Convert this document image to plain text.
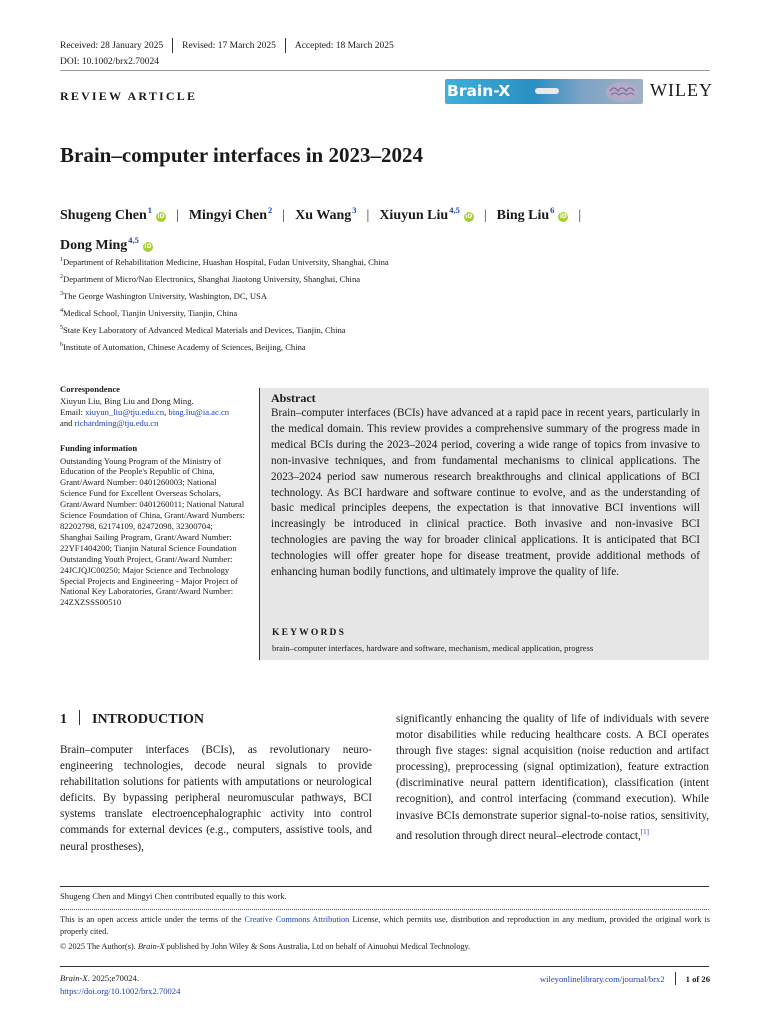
Received: 28 January 2025 Revised: 17 March 2025 Accepted: 18 March 2025
DOI: 10.1002/brx2.70024
REVIEW ARTICLE	Brain-X	WILEY
Brain–computer interfaces in 2023–2024
Shugeng Chen$^1$iD | Mingyi Chen$^2$ | Xu Wang$^3$ | Xiuyun Liu$^{4,5}$iD | Bing Liu$^6$iD |
Dong Ming$^{4,5}$iD
$^1$Department of Rehabilitation Medicine, Huashan Hospital, Fudan University, Shanghai, China
$^2$Department of Micro/Nao Electronics, Shanghai Jiaotong University, Shanghai, China
$^3$The George Washington University, Washington, DC, USA
$^4$Medical School, Tianjin University, Tianjin, China
$^5$State Key Laboratory of Advanced Medical Materials and Devices, Tianjin, China
$^6$Institute of Automation, Chinese Academy of Sciences, Beijing, China
Correspondence
Xiuyun Liu, Bing Liu and Dong Ming.
Email: xiuyun_liu@tju.edu.cn, bing.liu@ia.ac.cn
and richardming@tju.edu.cn
Funding information
Outstanding Young Program of the Ministry of Education of the People's Republic of China, Grant/Award Number: 0401260003; National Science Fund for Excellent Overseas Scholars, Grant/Award Number: 0401260011; National Natural Science Foundation of China, Grant/Award Numbers: 82202798, 62174109, 82472098, 32300704; Shanghai Sailing Program, Grant/Award Number: 22YF1404200; Tianjin Natural Science Foundation Outstanding Youth Project, Grant/Award Number: 24JCJQJC00250; Major Science and Technology Special Projects and Engineering - Major Project of National Key Laboratories, Grant/Award Number: 24ZXZSSS00510
Abstract
Brain–computer interfaces (BCIs) have advanced at a rapid pace in recent years, particularly in the medical domain. This review provides a comprehensive summary of the progress made in medical BCIs during the 2023–2024 period, covering a wide range of topics from invasive to non-invasive techniques, and from fundamental mechanisms to clinical applications. The 2023–2024 period saw numerous research breakthroughs and clinical applications of BCI technology. As BCI hardware and software continue to evolve, and as the understanding of basic medical principles deepens, the expectation is that innovative BCI inventions will increasingly be introduced in clinical practice. Both invasive and non-invasive BCI technologies are paving the way for broader clinical applications. It is anticipated that BCI technologies will offer greater hope for disease treatment, provide additional methods of enhancing human bodily functions, and ultimately improve the quality of life.
KEYWORDS
brain–computer interfaces, hardware and software, mechanism, medical application, progress
1 INTRODUCTION
Brain–computer interfaces (BCIs), as revolutionary neuro-engineering technologies, decode neural signals to provide rehabilitation solutions for patients with amputations or neurological deficits. By bypassing peripheral neuromuscular pathways, BCI systems translate electroencephalographic activity into control commands for external devices (e.g., computers, assistive tools, and neural prostheses),
significantly enhancing the quality of life of individuals with severe motor disabilities while reducing healthcare costs. A BCI operates through five stages: signal acquisition (noise reduction and artifact processing), preprocessing (signal optimization), feature extraction (discriminative neural pattern identification), classification (intent recognition), and control interfacing (command execution). While invasive BCIs demonstrate superior signal-to-noise ratios, sensitivity, and resolution through direct neural–electrode contact,[1]
Shugeng Chen and Mingyi Chen contributed equally to this work.
This is an open access article under the terms of the Creative Commons Attribution License, which permits use, distribution and reproduction in any medium, provided the original work is properly cited.
© 2025 The Author(s). Brain-X published by John Wiley & Sons Australia, Ltd on behalf of Ainuohui Medical Technology.
Brain-X. 2025;e70024.
https://doi.org/10.1002/brx2.70024
wileyonlinelibrary.com/journal/brx2 1 of 26
